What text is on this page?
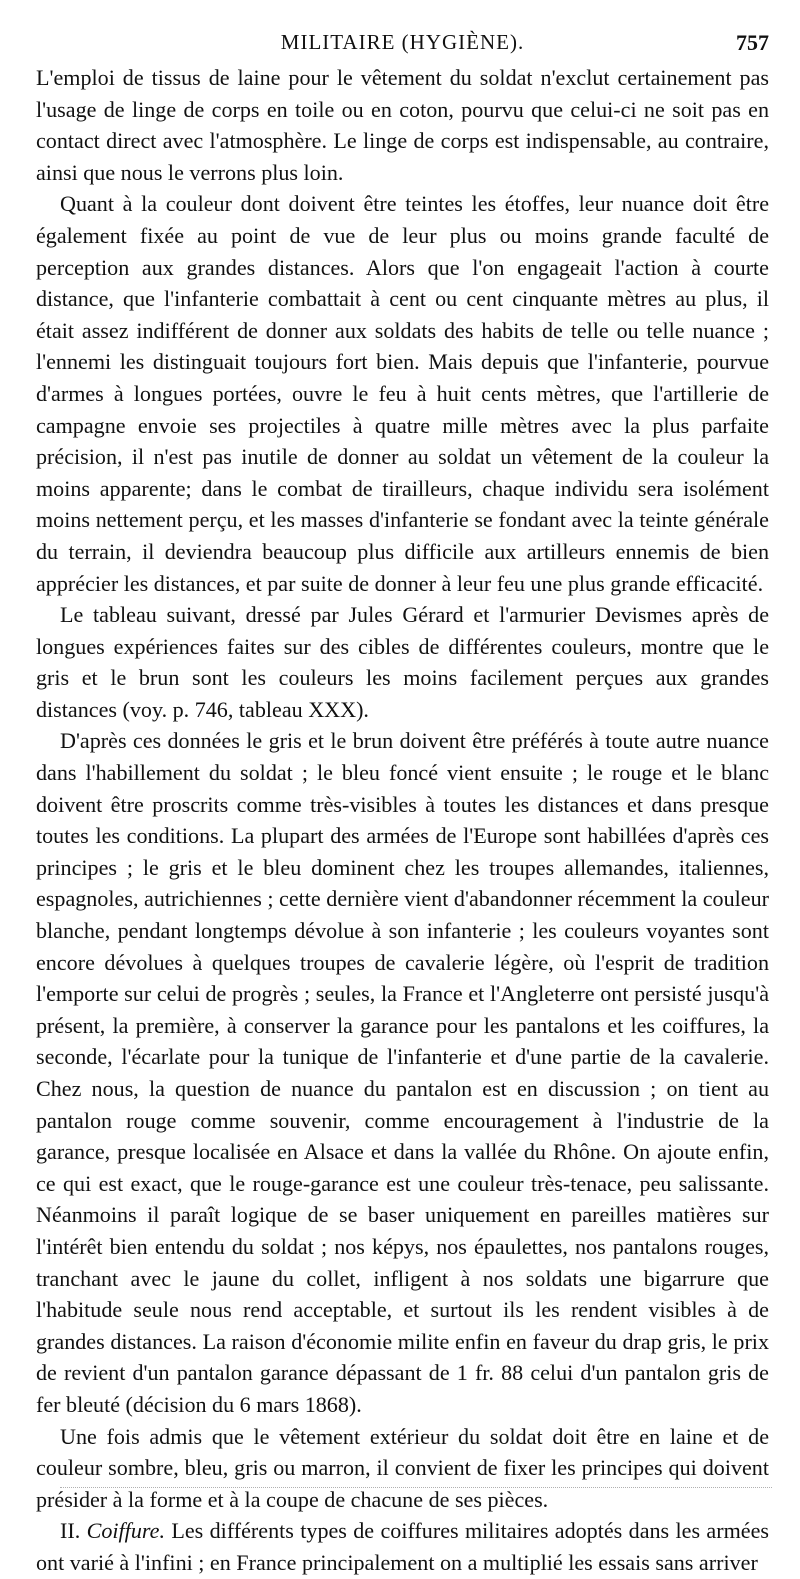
MILITAIRE (HYGIÈNE).	757

L'emploi de tissus de laine pour le vêtement du soldat n'exclut certainement pas l'usage de linge de corps en toile ou en coton, pourvu que celui-ci ne soit pas en contact direct avec l'atmosphère. Le linge de corps est indispensable, au contraire, ainsi que nous le verrons plus loin.

Quant à la couleur dont doivent être teintes les étoffes, leur nuance doit être également fixée au point de vue de leur plus ou moins grande faculté de perception aux grandes distances. Alors que l'on engageait l'action à courte distance, que l'infanterie combattait à cent ou cent cinquante mètres au plus, il était assez indifférent de donner aux soldats des habits de telle ou telle nuance ; l'ennemi les distinguait toujours fort bien. Mais depuis que l'infanterie, pourvue d'armes à longues portées, ouvre le feu à huit cents mètres, que l'artillerie de campagne envoie ses projectiles à quatre mille mètres avec la plus parfaite précision, il n'est pas inutile de donner au soldat un vêtement de la couleur la moins apparente; dans le combat de tirailleurs, chaque individu sera isolément moins nettement perçu, et les masses d'infanterie se fondant avec la teinte générale du terrain, il deviendra beaucoup plus difficile aux artilleurs ennemis de bien apprécier les distances, et par suite de donner à leur feu une plus grande efficacité.

Le tableau suivant, dressé par Jules Gérard et l'armurier Devismes après de longues expériences faites sur des cibles de différentes couleurs, montre que le gris et le brun sont les couleurs les moins facilement perçues aux grandes distances (voy. p. 746, tableau XXX).

D'après ces données le gris et le brun doivent être préférés à toute autre nuance dans l'habillement du soldat ; le bleu foncé vient ensuite ; le rouge et le blanc doivent être proscrits comme très-visibles à toutes les distances et dans presque toutes les conditions. La plupart des armées de l'Europe sont habillées d'après ces principes ; le gris et le bleu dominent chez les troupes allemandes, italiennes, espagnoles, autrichiennes ; cette dernière vient d'abandonner récemment la couleur blanche, pendant longtemps dévolue à son infanterie ; les couleurs voyantes sont encore dévolues à quelques troupes de cavalerie légère, où l'esprit de tradition l'emporte sur celui de progrès ; seules, la France et l'Angleterre ont persisté jusqu'à présent, la première, à conserver la garance pour les pantalons et les coiffures, la seconde, l'écarlate pour la tunique de l'infanterie et d'une partie de la cavalerie. Chez nous, la question de nuance du pantalon est en discussion ; on tient au pantalon rouge comme souvenir, comme encouragement à l'industrie de la garance, presque localisée en Alsace et dans la vallée du Rhône. On ajoute enfin, ce qui est exact, que le rouge-garance est une couleur très-tenace, peu salissante. Néanmoins il paraît logique de se baser uniquement en pareilles matières sur l'intérêt bien entendu du soldat ; nos képys, nos épaulettes, nos pantalons rouges, tranchant avec le jaune du collet, infligent à nos soldats une bigarrure que l'habitude seule nous rend acceptable, et surtout ils les rendent visibles à de grandes distances. La raison d'économie milite enfin en faveur du drap gris, le prix de revient d'un pantalon garance dépassant de 1 fr. 88 celui d'un pantalon gris de fer bleuté (décision du 6 mars 1868).

Une fois admis que le vêtement extérieur du soldat doit être en laine et de couleur sombre, bleu, gris ou marron, il convient de fixer les principes qui doivent présider à la forme et à la coupe de chacune de ses pièces.

II. Coiffure. Les différents types de coiffures militaires adoptés dans les armées ont varié à l'infini ; en France principalement on a multiplié les essais sans arriver
